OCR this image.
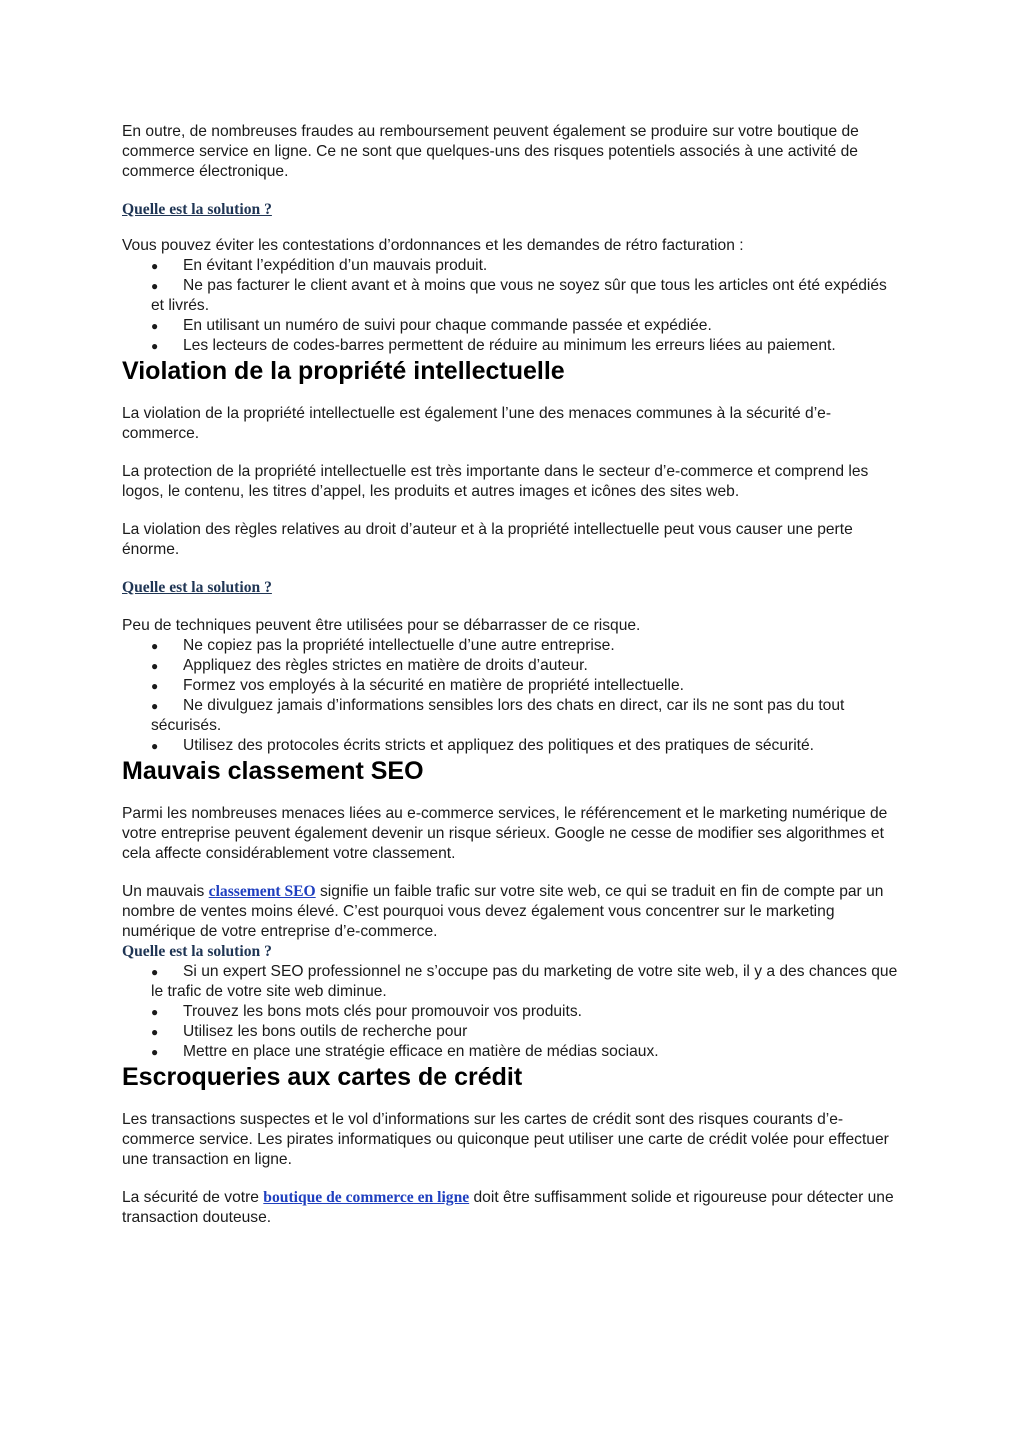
En outre, de nombreuses fraudes au remboursement peuvent également se produire sur votre boutique de commerce service en ligne. Ce ne sont que quelques-uns des risques potentiels associés à une activité de commerce électronique.

Quelle est la solution ?

Vous pouvez éviter les contestations d’ordonnances et les demandes de rétro facturation :

●	En évitant l’expédition d’un mauvais produit.
●	Ne pas facturer le client avant et à moins que vous ne soyez sûr que tous les articles ont été expédiés et livrés.
●	En utilisant un numéro de suivi pour chaque commande passée et expédiée.
●	Les lecteurs de codes-barres permettent de réduire au minimum les erreurs liées au paiement.
Violation de la propriété intellectuelle

La violation de la propriété intellectuelle est également l’une des menaces communes à la sécurité d’e-commerce.

La protection de la propriété intellectuelle est très importante dans le secteur d’e-commerce et comprend les logos, le contenu, les titres d’appel, les produits et autres images et icônes des sites web.

La violation des règles relatives au droit d’auteur et à la propriété intellectuelle peut vous causer une perte énorme.

Quelle est la solution ?

Peu de techniques peuvent être utilisées pour se débarrasser de ce risque.

●	Ne copiez pas la propriété intellectuelle d’une autre entreprise.
●	Appliquez des règles strictes en matière de droits d’auteur.
●	Formez vos employés à la sécurité en matière de propriété intellectuelle.
●	Ne divulguez jamais d’informations sensibles lors des chats en direct, car ils ne sont pas du tout sécurisés.
●	Utilisez des protocoles écrits stricts et appliquez des politiques et des pratiques de sécurité.
Mauvais classement SEO

Parmi les nombreuses menaces liées au e-commerce services, le référencement et le marketing numérique de votre entreprise peuvent également devenir un risque sérieux. Google ne cesse de modifier ses algorithmes et cela affecte considérablement votre classement.

Un mauvais classement SEO signifie un faible trafic sur votre site web, ce qui se traduit en fin de compte par un nombre de ventes moins élevé. C’est pourquoi vous devez également vous concentrer sur le marketing numérique de votre entreprise d’e-commerce.

Quelle est la solution ?
●	Si un expert SEO professionnel ne s’occupe pas du marketing de votre site web, il y a des chances que le trafic de votre site web diminue.
●	Trouvez les bons mots clés pour promouvoir vos produits.
●	Utilisez les bons outils de recherche pour
●	Mettre en place une stratégie efficace en matière de médias sociaux.
Escroqueries aux cartes de crédit

Les transactions suspectes et le vol d’informations sur les cartes de crédit sont des risques courants d’e-commerce service. Les pirates informatiques ou quiconque peut utiliser une carte de crédit volée pour effectuer une transaction en ligne.

La sécurité de votre boutique de commerce en ligne doit être suffisamment solide et rigoureuse pour détecter une transaction douteuse.
